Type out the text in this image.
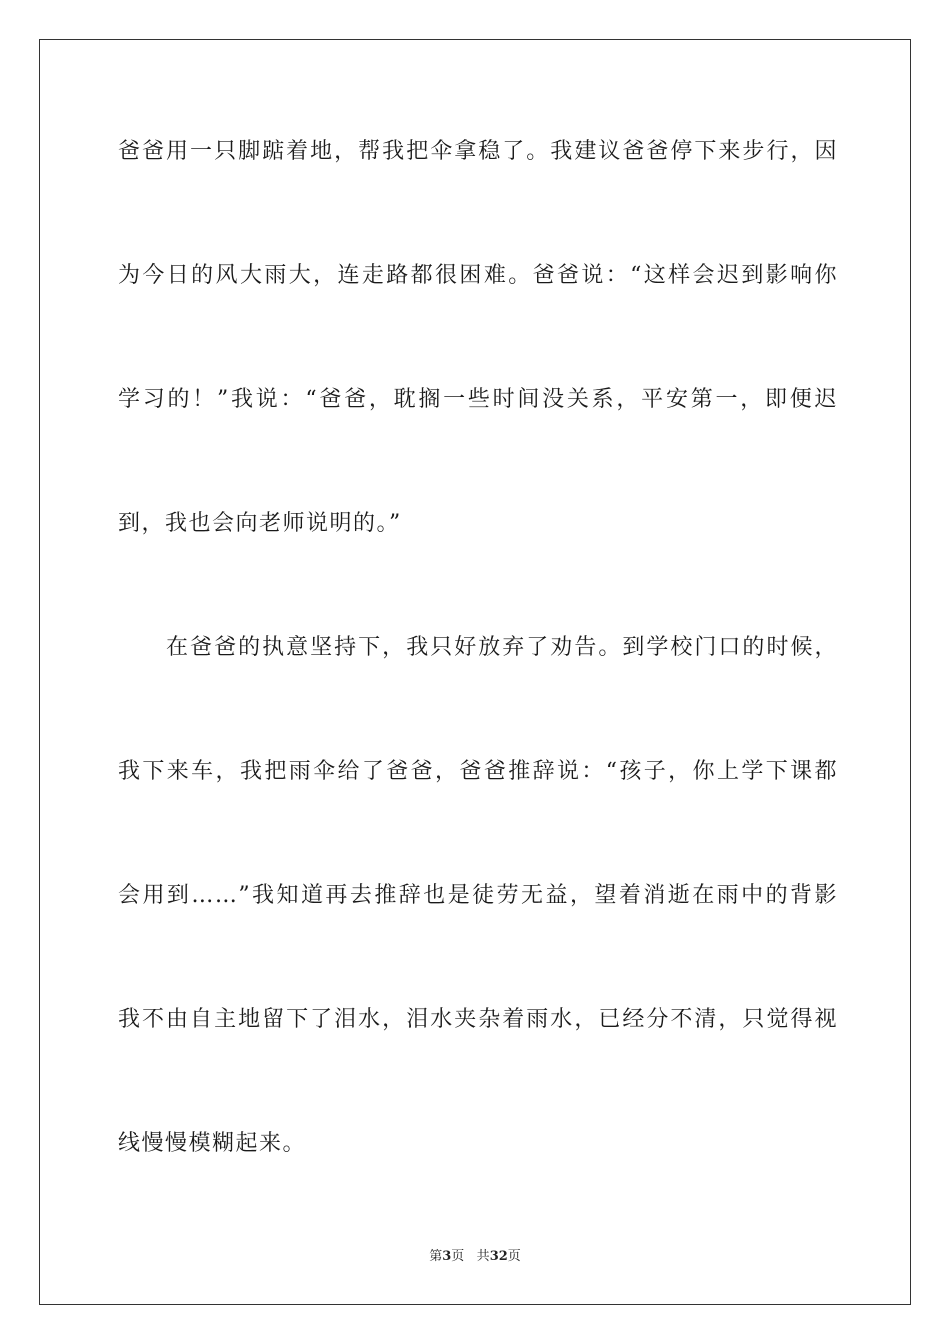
爸爸用一只脚踮着地，帮我把伞拿稳了。我建议爸爸停下来步行，因
为今日的风大雨大，连走路都很困难。爸爸说：“这样会迟到影响你
学习的！”我说：“爸爸，耽搁一些时间没关系，平安第一，即便迟
到，我也会向老师说明的。”
　　在爸爸的执意坚持下，我只好放弃了劝告。到学校门口的时候，
我下来车，我把雨伞给了爸爸，爸爸推辞说：“孩子，你上学下课都
会用到……”我知道再去推辞也是徒劳无益，望着消逝在雨中的背影
我不由自主地留下了泪水，泪水夹杂着雨水，已经分不清，只觉得视
线慢慢模糊起来。
第3页 共32页
